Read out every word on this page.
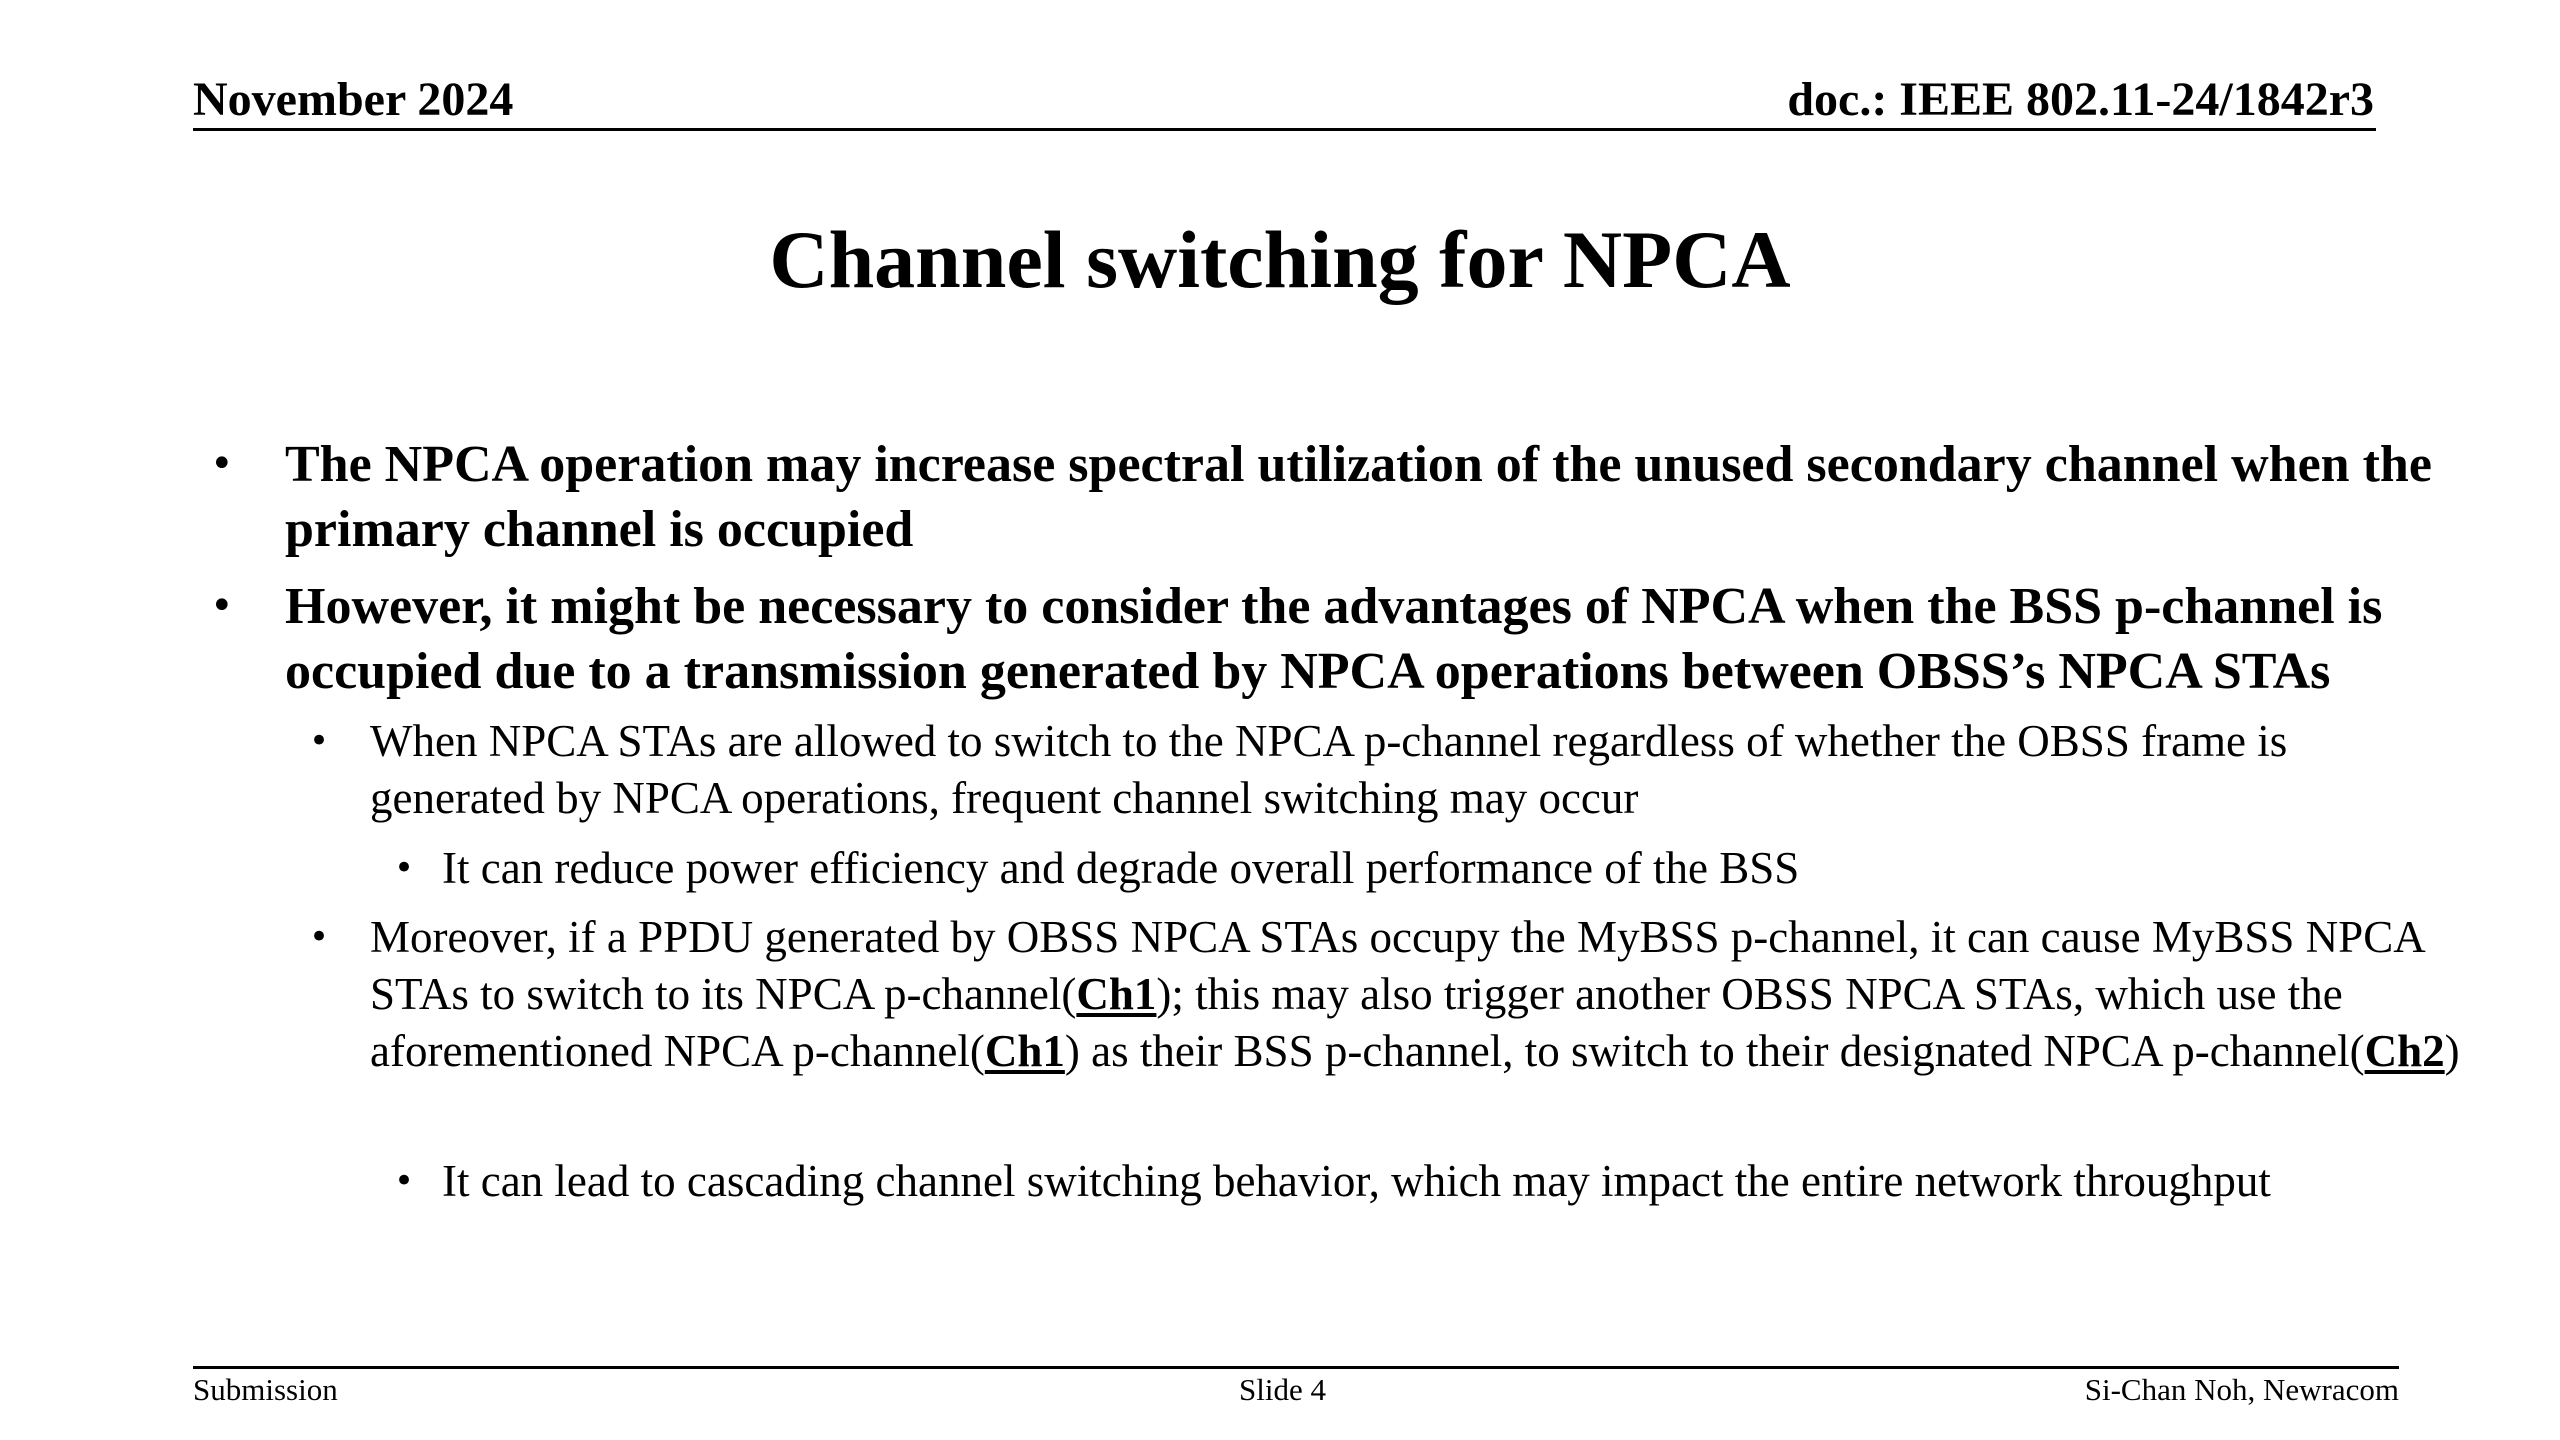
November 2024	doc.: IEEE 802.11-24/1842r3
Channel switching for NPCA
• The NPCA operation may increase spectral utilization of the unused secondary channel when the primary channel is occupied
• However, it might be necessary to consider the advantages of NPCA when the BSS p-channel is occupied due to a transmission generated by NPCA operations between OBSS’s NPCA STAs
• When NPCA STAs are allowed to switch to the NPCA p-channel regardless of whether the OBSS frame is generated by NPCA operations, frequent channel switching may occur
• It can reduce power efficiency and degrade overall performance of the BSS
• Moreover, if a PPDU generated by OBSS NPCA STAs occupy the MyBSS p-channel, it can cause MyBSS NPCA STAs to switch to its NPCA p-channel(Ch1); this may also trigger another OBSS NPCA STAs, which use the aforementioned NPCA p-channel(Ch1) as their BSS p-channel, to switch to their designated NPCA p-channel(Ch2)
• It can lead to cascading channel switching behavior, which may impact the entire network throughput
Submission	Slide 4	Si-Chan Noh, Newracom
